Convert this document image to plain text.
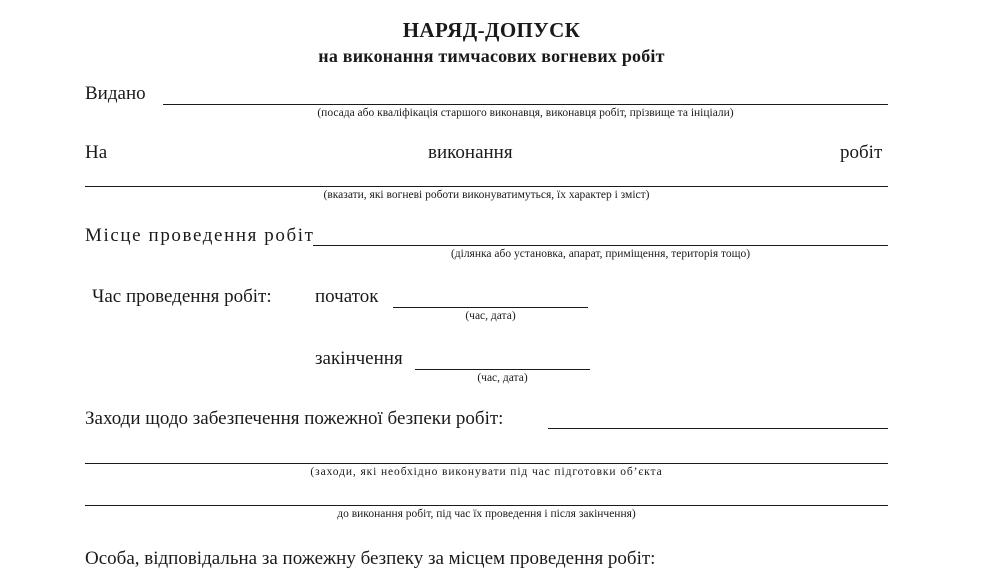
НАРЯД-ДОПУСК
на виконання тимчасових вогневих робіт
Видано
(посада або кваліфікація старшого виконавця, виконавця робіт, прізвище та ініціали)
На	виконання	робіт
(вказати, які вогневі роботи виконуватимуться, їх характер і зміст)
Місце проведення робіт
(ділянка або установка, апарат, приміщення, територія тощо)
Час проведення робіт: початок
(час, дата)
закінчення
(час, дата)
Заходи щодо забезпечення пожежної безпеки робіт:
(заходи, які необхідно виконувати під час підготовки об’єкта
до виконання робіт, під час їх проведення і після закінчення)
Особа, відповідальна за пожежну безпеку за місцем проведення робіт:
